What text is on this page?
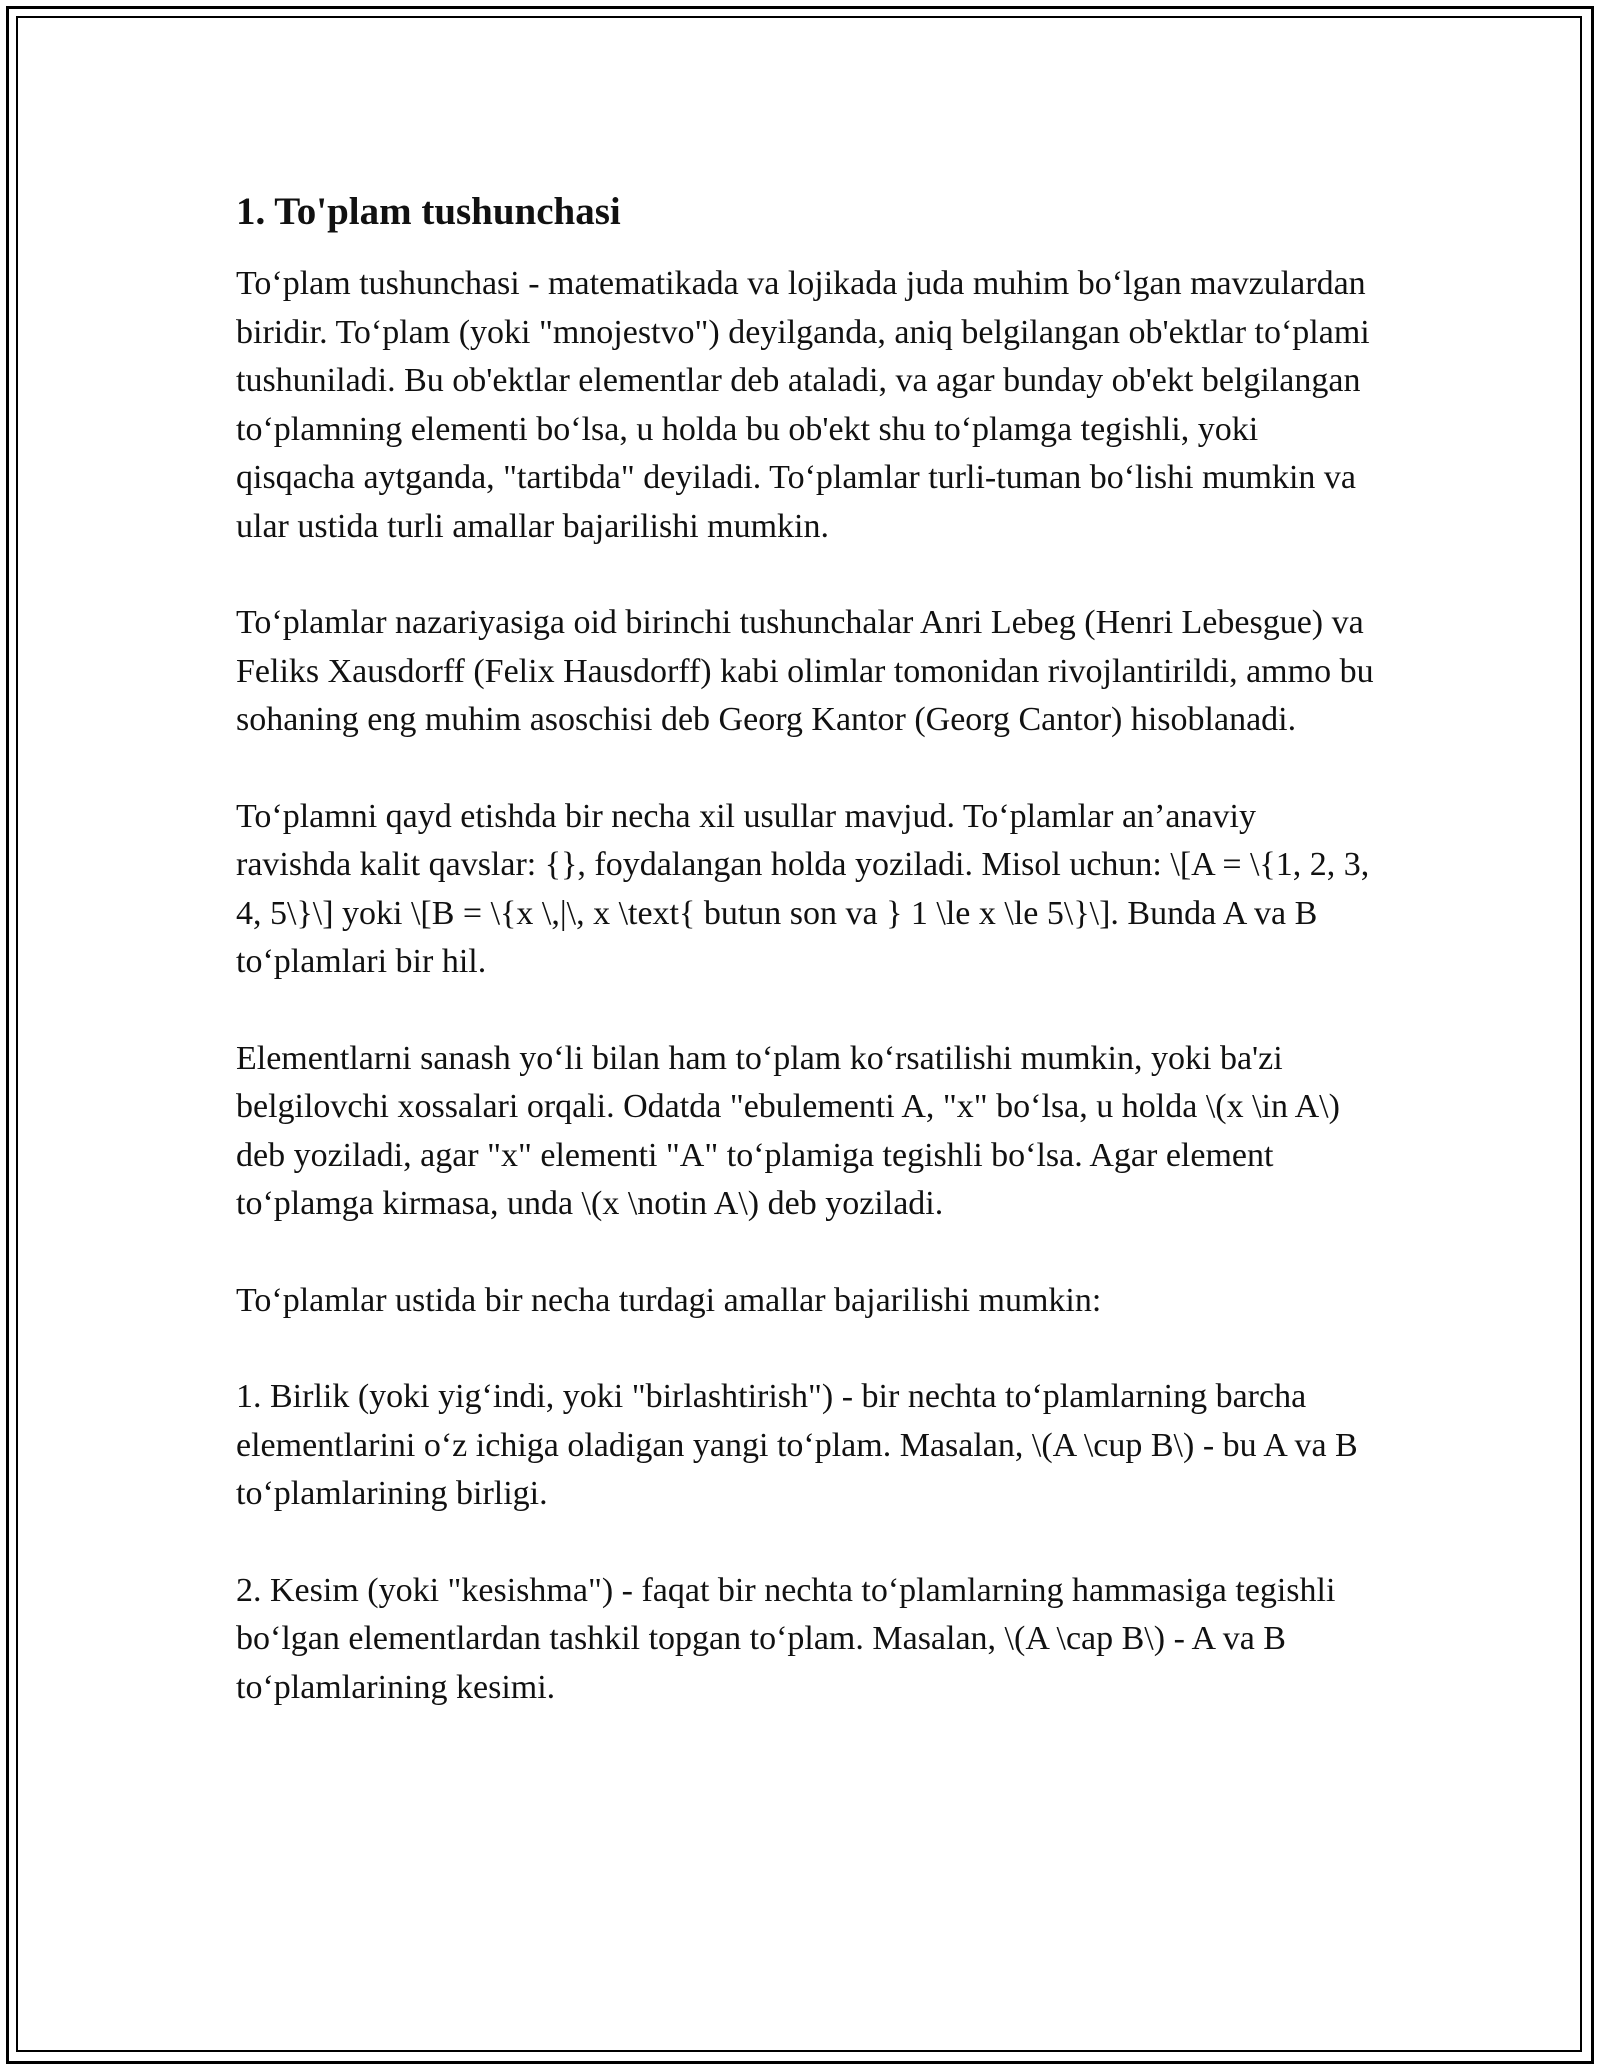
1. To'plam tushunchasi

To‘plam tushunchasi - matematikada va lojikada juda muhim bo‘lgan mavzulardan biridir. To‘plam (yoki "mnojestvo") deyilganda, aniq belgilangan ob'ektlar to‘plami tushuniladi. Bu ob'ektlar elementlar deb ataladi, va agar bunday ob'ekt belgilangan to‘plamning elementi bo‘lsa, u holda bu ob'ekt shu to‘plamga tegishli, yoki qisqacha aytganda, "tartibda" deyiladi. To‘plamlar turli-tuman bo‘lishi mumkin va ular ustida turli amallar bajarilishi mumkin.

To‘plamlar nazariyasiga oid birinchi tushunchalar Anri Lebeg (Henri Lebesgue) va Feliks Xausdorff (Felix Hausdorff) kabi olimlar tomonidan rivojlantirildi, ammo bu sohaning eng muhim asoschisi deb Georg Kantor (Georg Cantor) hisoblanadi.

To‘plamni qayd etishda bir necha xil usullar mavjud. To‘plamlar an’anaviy ravishda kalit qavslar: {}, foydalangan holda yoziladi. Misol uchun: \[A = \{1, 2, 3, 4, 5\}\] yoki \[B = \{x \,|\, x \text{ butun son va } 1 \le x \le 5\}\]. Bunda A va B to‘plamlari bir hil.

Elementlarni sanash yo‘li bilan ham to‘plam ko‘rsatilishi mumkin, yoki ba'zi belgilovchi xossalari orqali. Odatda "ebulementi A, "x" bo‘lsa, u holda \(x \in A\) deb yoziladi, agar "x" elementi "A" to‘plamiga tegishli bo‘lsa. Agar element to‘plamga kirmasa, unda \(x \notin A\) deb yoziladi.

To‘plamlar ustida bir necha turdagi amallar bajarilishi mumkin:

1. Birlik (yoki yig‘indi, yoki "birlashtirish") - bir nechta to‘plamlarning barcha elementlarini o‘z ichiga oladigan yangi to‘plam. Masalan, \(A \cup B\) - bu A va B to‘plamlarining birligi.

2. Kesim (yoki "kesishma") - faqat bir nechta to‘plamlarning hammasiga tegishli bo‘lgan elementlardan tashkil topgan to‘plam. Masalan, \(A \cap B\) - A va B to‘plamlarining kesimi.
